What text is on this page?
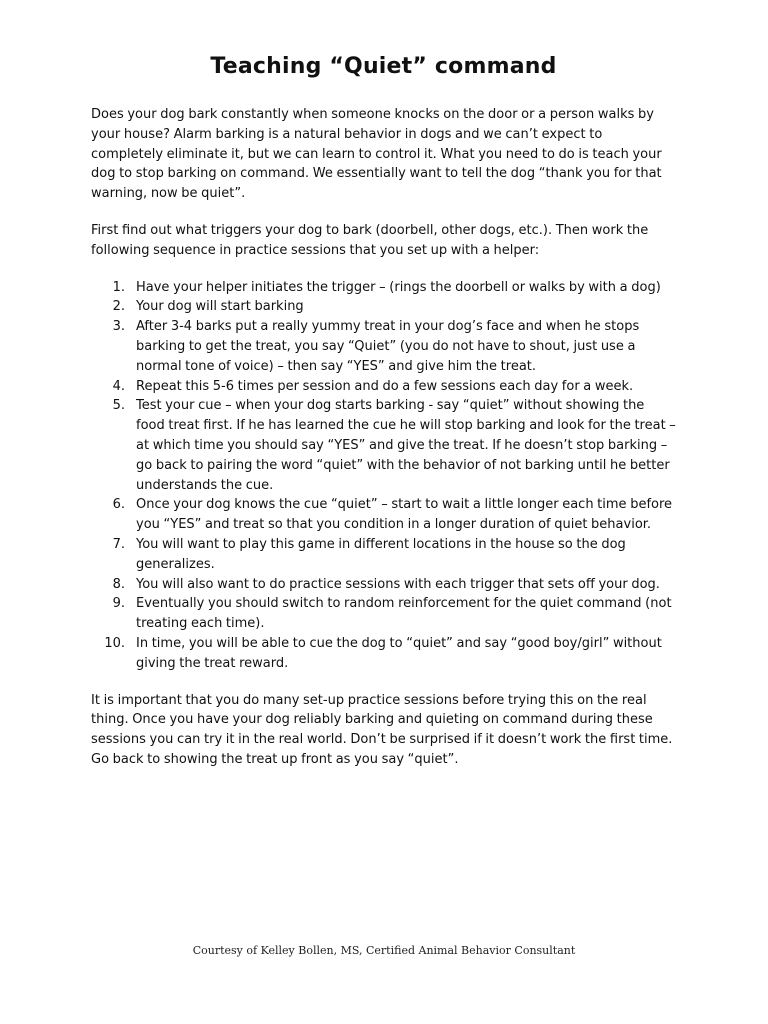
Teaching “Quiet” command

Does your dog bark constantly when someone knocks on the door or a person walks by your house? Alarm barking is a natural behavior in dogs and we can’t expect to completely eliminate it, but we can learn to control it. What you need to do is teach your dog to stop barking on command. We essentially want to tell the dog “thank you for that warning, now be quiet”.

First find out what triggers your dog to bark (doorbell, other dogs, etc.). Then work the following sequence in practice sessions that you set up with a helper:

1. Have your helper initiates the trigger – (rings the doorbell or walks by with a dog)
2. Your dog will start barking
3. After 3-4 barks put a really yummy treat in your dog’s face and when he stops barking to get the treat, you say “Quiet” (you do not have to shout, just use a normal tone of voice) – then say “YES” and give him the treat.
4. Repeat this 5-6 times per session and do a few sessions each day for a week.
5. Test your cue – when your dog starts barking - say “quiet” without showing the food treat first. If he has learned the cue he will stop barking and look for the treat – at which time you should say “YES” and give the treat. If he doesn’t stop barking – go back to pairing the word “quiet” with the behavior of not barking until he better understands the cue.
6. Once your dog knows the cue “quiet” – start to wait a little longer each time before you “YES” and treat so that you condition in a longer duration of quiet behavior.
7. You will want to play this game in different locations in the house so the dog generalizes.
8. You will also want to do practice sessions with each trigger that sets off your dog.
9. Eventually you should switch to random reinforcement for the quiet command (not treating each time).
10. In time, you will be able to cue the dog to “quiet” and say “good boy/girl” without giving the treat reward.

It is important that you do many set-up practice sessions before trying this on the real thing. Once you have your dog reliably barking and quieting on command during these sessions you can try it in the real world. Don’t be surprised if it doesn’t work the first time. Go back to showing the treat up front as you say “quiet”.

Courtesy of Kelley Bollen, MS, Certified Animal Behavior Consultant
